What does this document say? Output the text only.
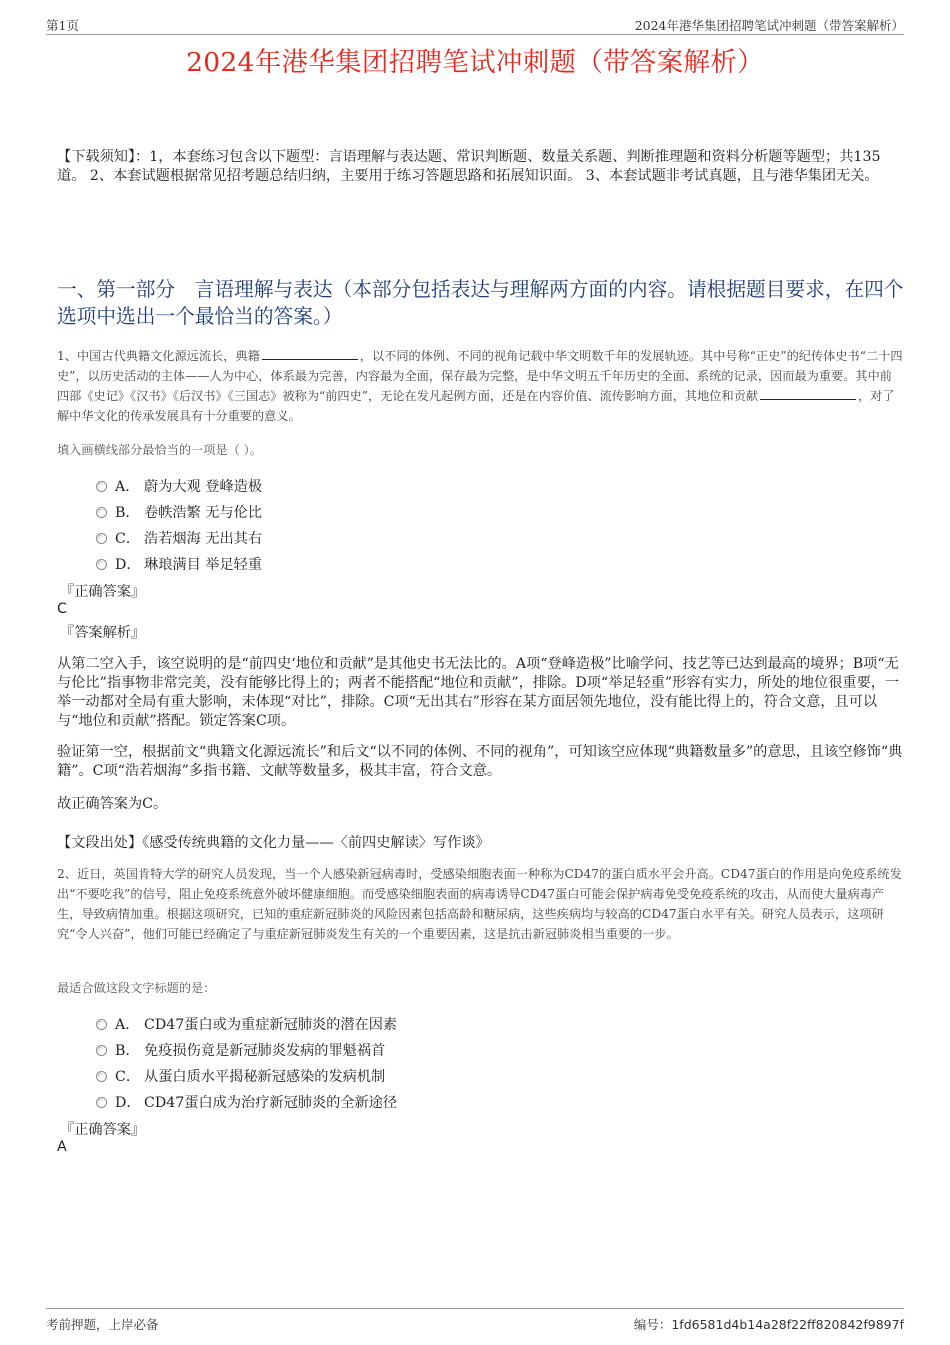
第1页	2024年港华集团招聘笔试冲刺题（带答案解析）
2024年港华集团招聘笔试冲刺题（带答案解析）
【下载须知】：1，本套练习包含以下题型：言语理解与表达题、常识判断题、数量关系题、判断推理题和资料分析题等题型；共135道。 2、本套试题根据常见招考题总结归纳，主要用于练习答题思路和拓展知识面。 3、本套试题非考试真题，且与港华集团无关。
一、第一部分　言语理解与表达（本部分包括表达与理解两方面的内容。请根据题目要求，在四个选项中选出一个最恰当的答案。）
1、中国古代典籍文化源远流长，典籍	，以不同的体例、不同的视角记载中华文明数千年的发展轨迹。其中号称“正史”的纪传体史书“二十四史”，以历史活动的主体——人为中心，体系最为完善，内容最为全面，保存最为完整，是中华文明五千年历史的全面、系统的记录，因而最为重要。其中前四部《史记》《汉书》《后汉书》《三国志》被称为“前四史”，无论在发凡起例方面，还是在内容价值、流传影响方面，其地位和贡献	，对了解中华文化的传承发展具有十分重要的意义。
填入画横线部分最恰当的一项是（ ）。
A． 蔚为大观 登峰造极
B． 卷帙浩繁 无与伦比
C． 浩若烟海 无出其右
D． 琳琅满目 举足轻重
『正确答案』
C
『答案解析』
从第二空入手，该空说明的是“前四史‘地位和贡献”是其他史书无法比的。A项“登峰造极”比喻学问、技艺等已达到最高的境界；B项“无与伦比”指事物非常完美，没有能够比得上的；两者不能搭配“地位和贡献”，排除。D项“举足轻重”形容有实力，所处的地位很重要，一举一动都对全局有重大影响，未体现“对比”，排除。C项“无出其右”形容在某方面居领先地位，没有能比得上的，符合文意，且可以与“地位和贡献”搭配。锁定答案C项。
验证第一空，根据前文“典籍文化源远流长”和后文“以不同的体例、不同的视角”，可知该空应体现“典籍数量多”的意思，且该空修饰“典籍”。C项“浩若烟海”多指书籍、文献等数量多，极其丰富，符合文意。
故正确答案为C。
【文段出处】《感受传统典籍的文化力量——〈前四史解读〉写作谈》
2、近日，英国肯特大学的研究人员发现，当一个人感染新冠病毒时，受感染细胞表面一种称为CD47的蛋白质水平会升高。CD47蛋白的作用是向免疫系统发出“不要吃我”的信号，阻止免疫系统意外破坏健康细胞。而受感染细胞表面的病毒诱导CD47蛋白可能会保护病毒免受免疫系统的攻击，从而使大量病毒产生，导致病情加重。根据这项研究，已知的重症新冠肺炎的风险因素包括高龄和糖尿病，这些疾病均与较高的CD47蛋白水平有关。研究人员表示，这项研究“令人兴奋”，他们可能已经确定了与重症新冠肺炎发生有关的一个重要因素，这是抗击新冠肺炎相当重要的一步。
最适合做这段文字标题的是：
A． CD47蛋白或为重症新冠肺炎的潜在因素
B． 免疫损伤竟是新冠肺炎发病的罪魁祸首
C． 从蛋白质水平揭秘新冠感染的发病机制
D． CD47蛋白成为治疗新冠肺炎的全新途径
『正确答案』
A
考前押题，上岸必备	编号：1fd6581d4b14a28f22ff820842f9897f
